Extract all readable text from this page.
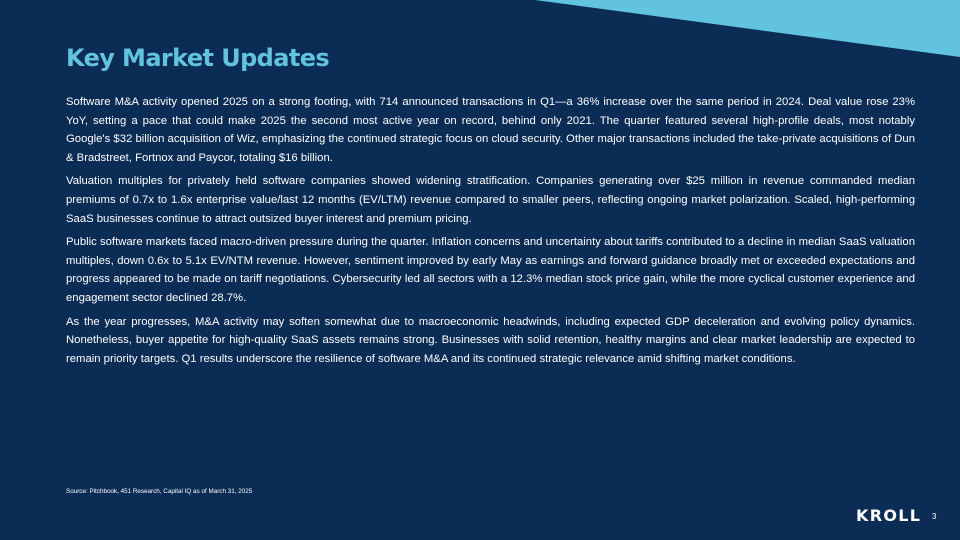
Key Market Updates

Software M&A activity opened 2025 on a strong footing, with 714 announced transactions in Q1—a 36% increase over the same period in 2024. Deal value rose 23% YoY, setting a pace that could make 2025 the second most active year on record, behind only 2021. The quarter featured several high-profile deals, most notably Google's $32 billion acquisition of Wiz, emphasizing the continued strategic focus on cloud security. Other major transactions included the take-private acquisitions of Dun & Bradstreet, Fortnox and Paycor, totaling $16 billion.

Valuation multiples for privately held software companies showed widening stratification. Companies generating over $25 million in revenue commanded median premiums of 0.7x to 1.6x enterprise value/last 12 months (EV/LTM) revenue compared to smaller peers, reflecting ongoing market polarization. Scaled, high-performing SaaS businesses continue to attract outsized buyer interest and premium pricing.

Public software markets faced macro-driven pressure during the quarter. Inflation concerns and uncertainty about tariffs contributed to a decline in median SaaS valuation multiples, down 0.6x to 5.1x EV/NTM revenue. However, sentiment improved by early May as earnings and forward guidance broadly met or exceeded expectations and progress appeared to be made on tariff negotiations. Cybersecurity led all sectors with a 12.3% median stock price gain, while the more cyclical customer experience and engagement sector declined 28.7%.

As the year progresses, M&A activity may soften somewhat due to macroeconomic headwinds, including expected GDP deceleration and evolving policy dynamics. Nonetheless, buyer appetite for high-quality SaaS assets remains strong. Businesses with solid retention, healthy margins and clear market leadership are expected to remain priority targets. Q1 results underscore the resilience of software M&A and its continued strategic relevance amid shifting market conditions.

Source: Pitchbook, 451 Research, Capital IQ as of March 31, 2025
KROLL 3
